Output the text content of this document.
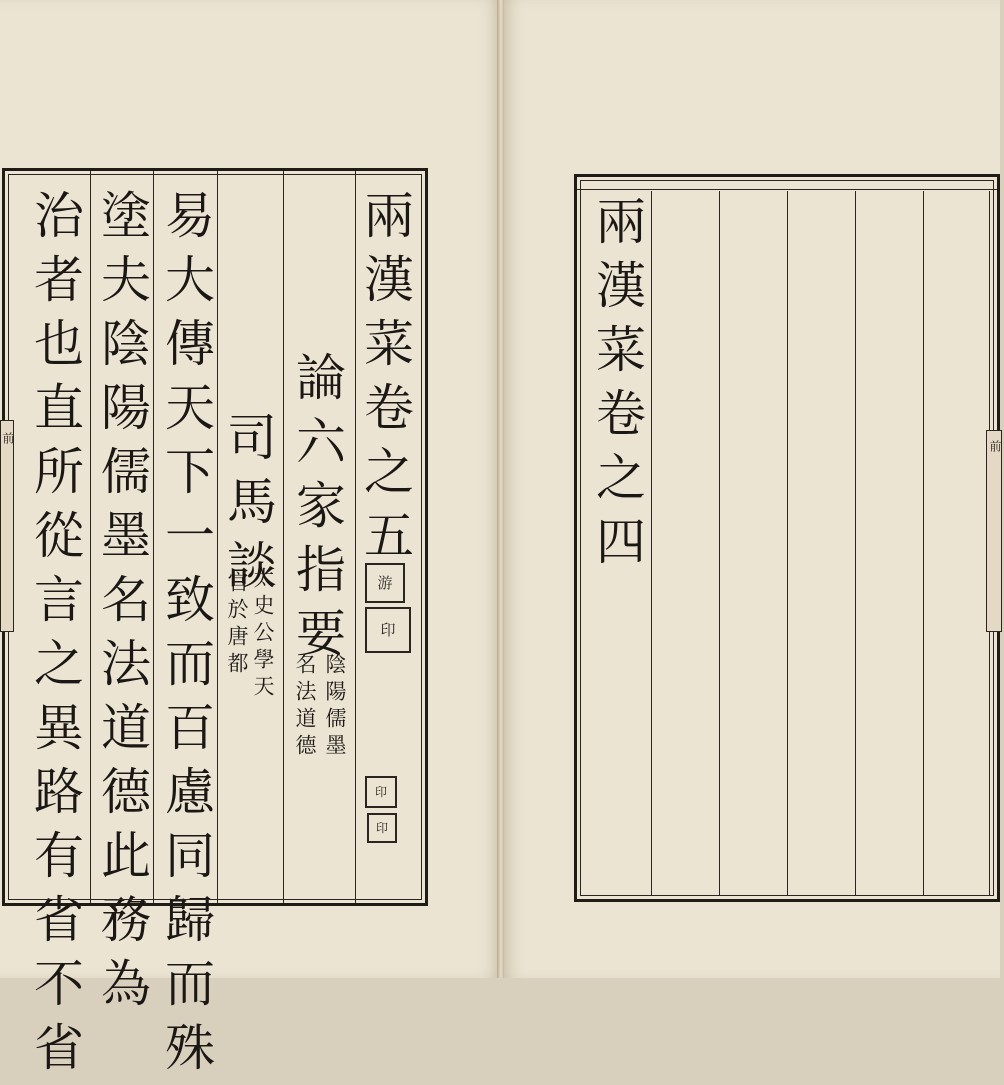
兩漢菜卷之五
論六家指要
陰陽儒墨
名法道德
司馬談
太史公學天
官於唐都
易大傳天下一致而百慮同歸而殊
塗夫陰陽儒墨名法道德此務為
治者也直所從言之異路有省不省	游
印
印
印
前	兩漢菜卷之四	前
